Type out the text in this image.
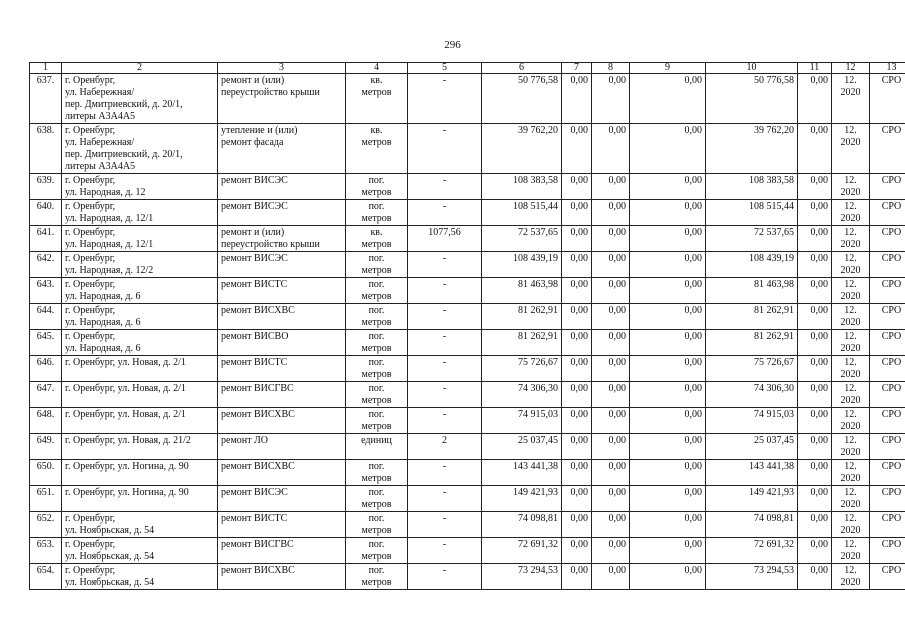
296
1	2	3	4	5	6	7	8	9	10	11	12	13
637.	г. Оренбург,
ул. Набережная/
пер. Дмитриевский, д. 20/1,
литеры А3А4А5	ремонт и (или)
переустройство крыши	кв.
метров	-	50 776,58	0,00	0,00	0,00	50 776,58	0,00	12.
2020	СРО
638.	г. Оренбург,
ул. Набережная/
пер. Дмитриевский, д. 20/1,
литеры А3А4А5	утепление и (или)
ремонт фасада	кв.
метров	-	39 762,20	0,00	0,00	0,00	39 762,20	0,00	12.
2020	СРО
639.	г. Оренбург,
ул. Народная, д. 12	ремонт ВИСЭС	пог.
метров	-	108 383,58	0,00	0,00	0,00	108 383,58	0,00	12.
2020	СРО
640.	г. Оренбург,
ул. Народная, д. 12/1	ремонт ВИСЭС	пог.
метров	-	108 515,44	0,00	0,00	0,00	108 515,44	0,00	12.
2020	СРО
641.	г. Оренбург,
ул. Народная, д. 12/1	ремонт и (или)
переустройство крыши	кв.
метров	1077,56	72 537,65	0,00	0,00	0,00	72 537,65	0,00	12.
2020	СРО
642.	г. Оренбург,
ул. Народная, д. 12/2	ремонт ВИСЭС	пог.
метров	-	108 439,19	0,00	0,00	0,00	108 439,19	0,00	12.
2020	СРО
643.	г. Оренбург,
ул. Народная, д. 6	ремонт ВИСТС	пог.
метров	-	81 463,98	0,00	0,00	0,00	81 463,98	0,00	12.
2020	СРО
644.	г. Оренбург,
ул. Народная, д. 6	ремонт ВИСХВС	пог.
метров	-	81 262,91	0,00	0,00	0,00	81 262,91	0,00	12.
2020	СРО
645.	г. Оренбург,
ул. Народная, д. 6	ремонт ВИСВО	пог.
метров	-	81 262,91	0,00	0,00	0,00	81 262,91	0,00	12.
2020	СРО
646.	г. Оренбург, ул. Новая, д. 2/1	ремонт ВИСТС	пог.
метров	-	75 726,67	0,00	0,00	0,00	75 726,67	0,00	12.
2020	СРО
647.	г. Оренбург, ул. Новая, д. 2/1	ремонт ВИСГВС	пог.
метров	-	74 306,30	0,00	0,00	0,00	74 306,30	0,00	12.
2020	СРО
648.	г. Оренбург, ул. Новая, д. 2/1	ремонт ВИСХВС	пог.
метров	-	74 915,03	0,00	0,00	0,00	74 915,03	0,00	12.
2020	СРО
649.	г. Оренбург, ул. Новая, д. 21/2	ремонт ЛО	единиц	2	25 037,45	0,00	0,00	0,00	25 037,45	0,00	12.
2020	СРО
650.	г. Оренбург, ул. Ногина, д. 90	ремонт ВИСХВС	пог.
метров	-	143 441,38	0,00	0,00	0,00	143 441,38	0,00	12.
2020	СРО
651.	г. Оренбург, ул. Ногина, д. 90	ремонт ВИСЭС	пог.
метров	-	149 421,93	0,00	0,00	0,00	149 421,93	0,00	12.
2020	СРО
652.	г. Оренбург,
ул. Ноябрьская, д. 54	ремонт ВИСТС	пог.
метров	-	74 098,81	0,00	0,00	0,00	74 098,81	0,00	12.
2020	СРО
653.	г. Оренбург,
ул. Ноябрьская, д. 54	ремонт ВИСГВС	пог.
метров	-	72 691,32	0,00	0,00	0,00	72 691,32	0,00	12.
2020	СРО
654.	г. Оренбург,
ул. Ноябрьская, д. 54	ремонт ВИСХВС	пог.
метров	-	73 294,53	0,00	0,00	0,00	73 294,53	0,00	12.
2020	СРО
